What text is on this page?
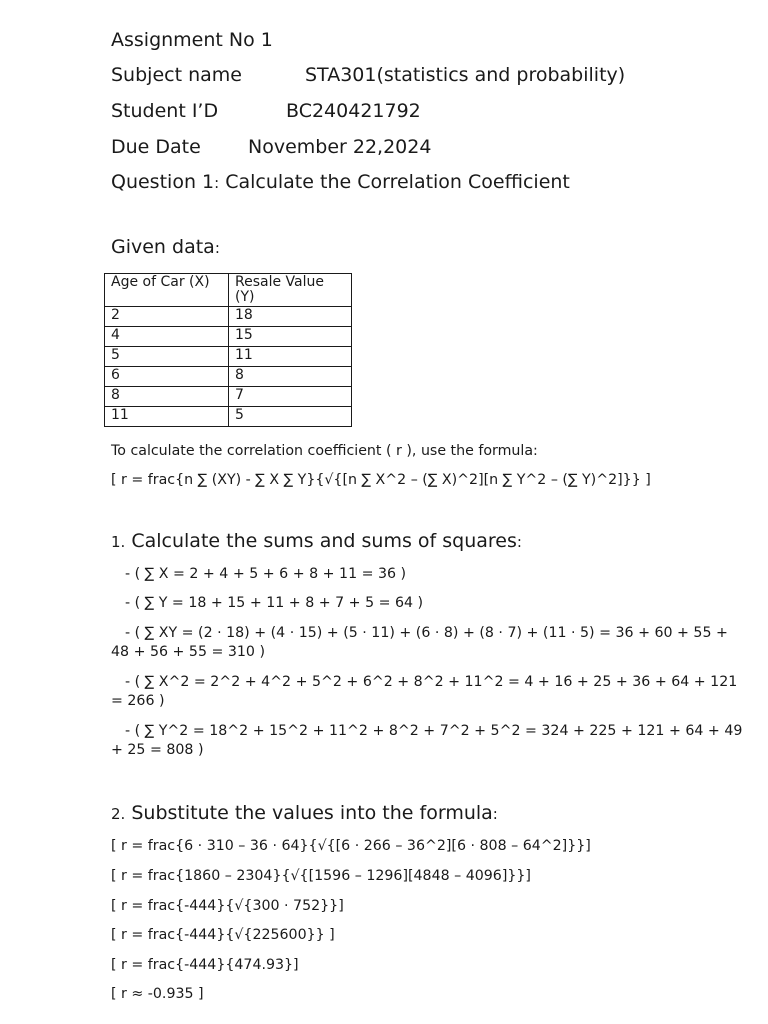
Assignment No 1
Subject name	STA301(statistics and probability)
Student I’D	BC240421792
Due Date November 22,2024
Question 1: Calculate the Correlation Coefficient
Given data:
Age of Car (X)	Resale Value (Y)
2	18
4	15
5	11
6	8
8	7
11	5
To calculate the correlation coefficient ( r ), use the formula:
[ r = frac{n ∑ (XY) - ∑ X ∑ Y}{√{[n ∑ X^2 – (∑ X)^2][n ∑ Y^2 – (∑ Y)^2]}} ]
1. Calculate the sums and sums of squares:
- ( ∑ X = 2 + 4 + 5 + 6 + 8 + 11 = 36 )
- ( ∑ Y = 18 + 15 + 11 + 8 + 7 + 5 = 64 )
- ( ∑ XY = (2 · 18) + (4 · 15) + (5 · 11) + (6 · 8) + (8 · 7) + (11 · 5) = 36 + 60 + 55 + 48 + 56 + 55 = 310 )
- ( ∑ X^2 = 2^2 + 4^2 + 5^2 + 6^2 + 8^2 + 11^2 = 4 + 16 + 25 + 36 + 64 + 121 = 266 )
- ( ∑ Y^2 = 18^2 + 15^2 + 11^2 + 8^2 + 7^2 + 5^2 = 324 + 225 + 121 + 64 + 49 + 25 = 808 )
2. Substitute the values into the formula:
[ r = frac{6 · 310 – 36 · 64}{√{[6 · 266 – 36^2][6 · 808 – 64^2]}}]
[ r = frac{1860 – 2304}{√{[1596 – 1296][4848 – 4096]}}]
[ r = frac{-444}{√{300 · 752}}]
[ r = frac{-444}{√{225600}} ]
[ r = frac{-444}{474.93}]
[ r ≈ -0.935 ]
